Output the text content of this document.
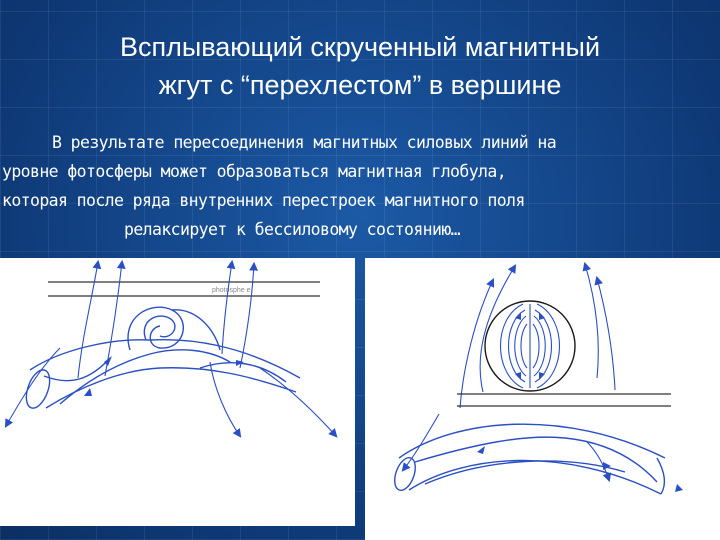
Всплывающий скрученный магнитный
жгут с “перехлестом” в вершине
В результате пересоединения магнитных силовых линий на
уровне фотосферы может образоваться магнитная глобула,
которая после ряда внутренних перестроек магнитного поля
релаксирует к бессиловому состоянию…
photosphe e
